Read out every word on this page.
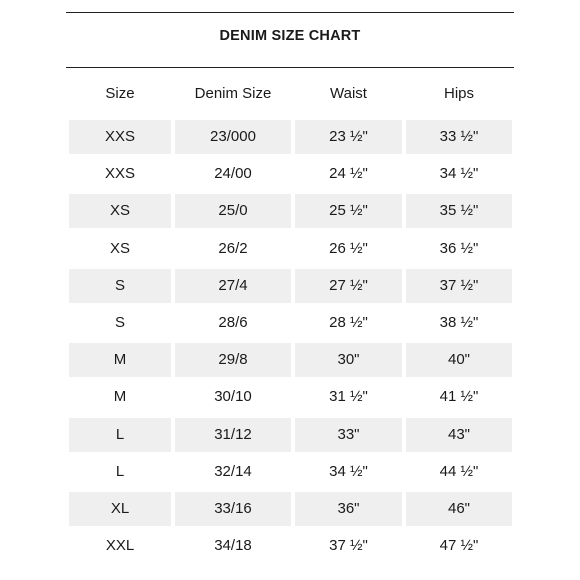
DENIM SIZE CHART
Size	Denim Size	Waist	Hips
XXS	23/000	23 ½"	33 ½"
XXS	24/00	24 ½"	34 ½"
XS	25/0	25 ½"	35 ½"
XS	26/2	26 ½"	36 ½"
S	27/4	27 ½"	37 ½"
S	28/6	28 ½"	38 ½"
M	29/8	30"	40"
M	30/10	31 ½"	41 ½"
L	31/12	33"	43"
L	32/14	34 ½"	44 ½"
XL	33/16	36"	46"
XXL	34/18	37 ½"	47 ½"
